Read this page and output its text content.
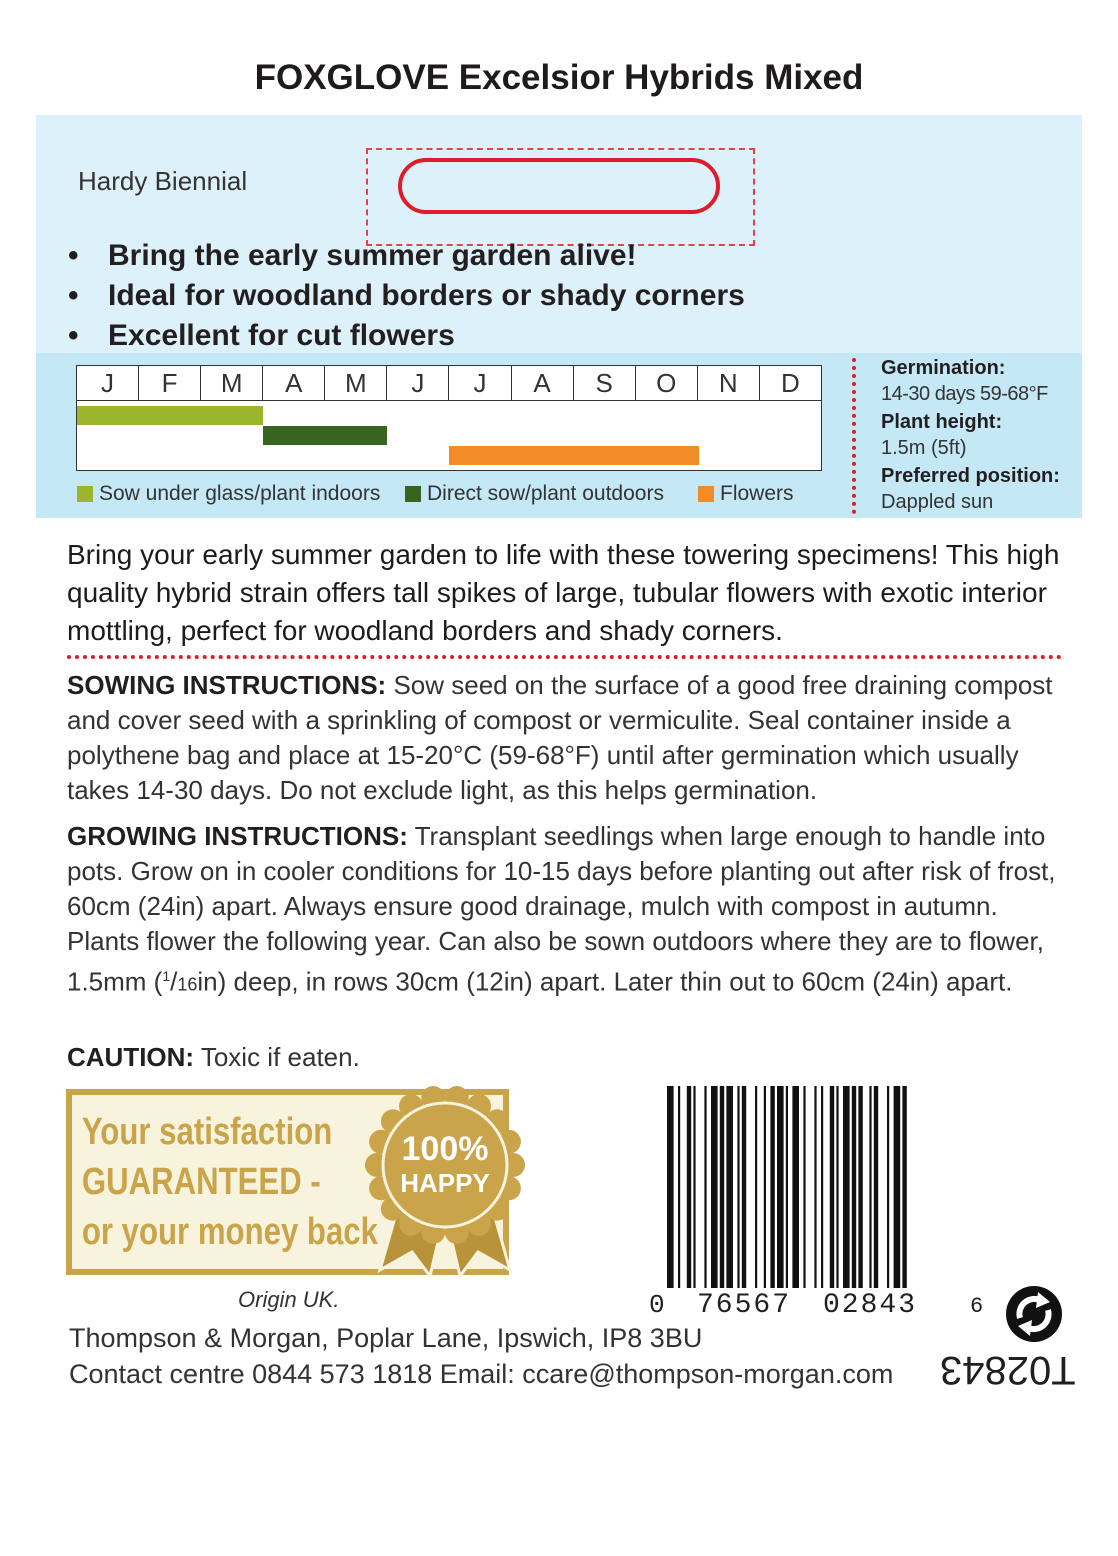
FOXGLOVE Excelsior Hybrids Mixed
Hardy Biennial
• Bring the early summer garden alive!
• Ideal for woodland borders or shady corners
• Excellent for cut flowers
J	F	M	A	M	J	J	A	S	O	N	D
Sow under glass/plant indoors Direct sow/plant outdoors	Flowers
Germination:
14-30 days 59-68°F
Plant height:
1.5m (5ft)
Preferred position:
Dappled sun
Bring your early summer garden to life with these towering specimens! This high quality hybrid strain offers tall spikes of large, tubular flowers with exotic interior mottling, perfect for woodland borders and shady corners.
SOWING INSTRUCTIONS: Sow seed on the surface of a good free draining compost and cover seed with a sprinkling of compost or vermiculite. Seal container inside a polythene bag and place at 15-20°C (59-68°F) until after germination which usually takes 14-30 days. Do not exclude light, as this helps germination.
GROWING INSTRUCTIONS: Transplant seedlings when large enough to handle into pots. Grow on in cooler conditions for 10-15 days before planting out after risk of frost, 60cm (24in) apart. Always ensure good drainage, mulch with compost in autumn. Plants flower the following year. Can also be sown outdoors where they are to flower, 1.5mm ($^1$/16in) deep, in rows 30cm (12in) apart. Later thin out to 60cm (24in) apart.
CAUTION: Toxic if eaten.
Your satisfaction
GUARANTEED -
or your money back
100%
HAPPY
Origin UK.
Thompson & Morgan, Poplar Lane, Ipswich, IP8 3BU
Contact centre 0844 573 1818 Email: ccare@thompson-morgan.com
0 76567 02843 6
T02843
